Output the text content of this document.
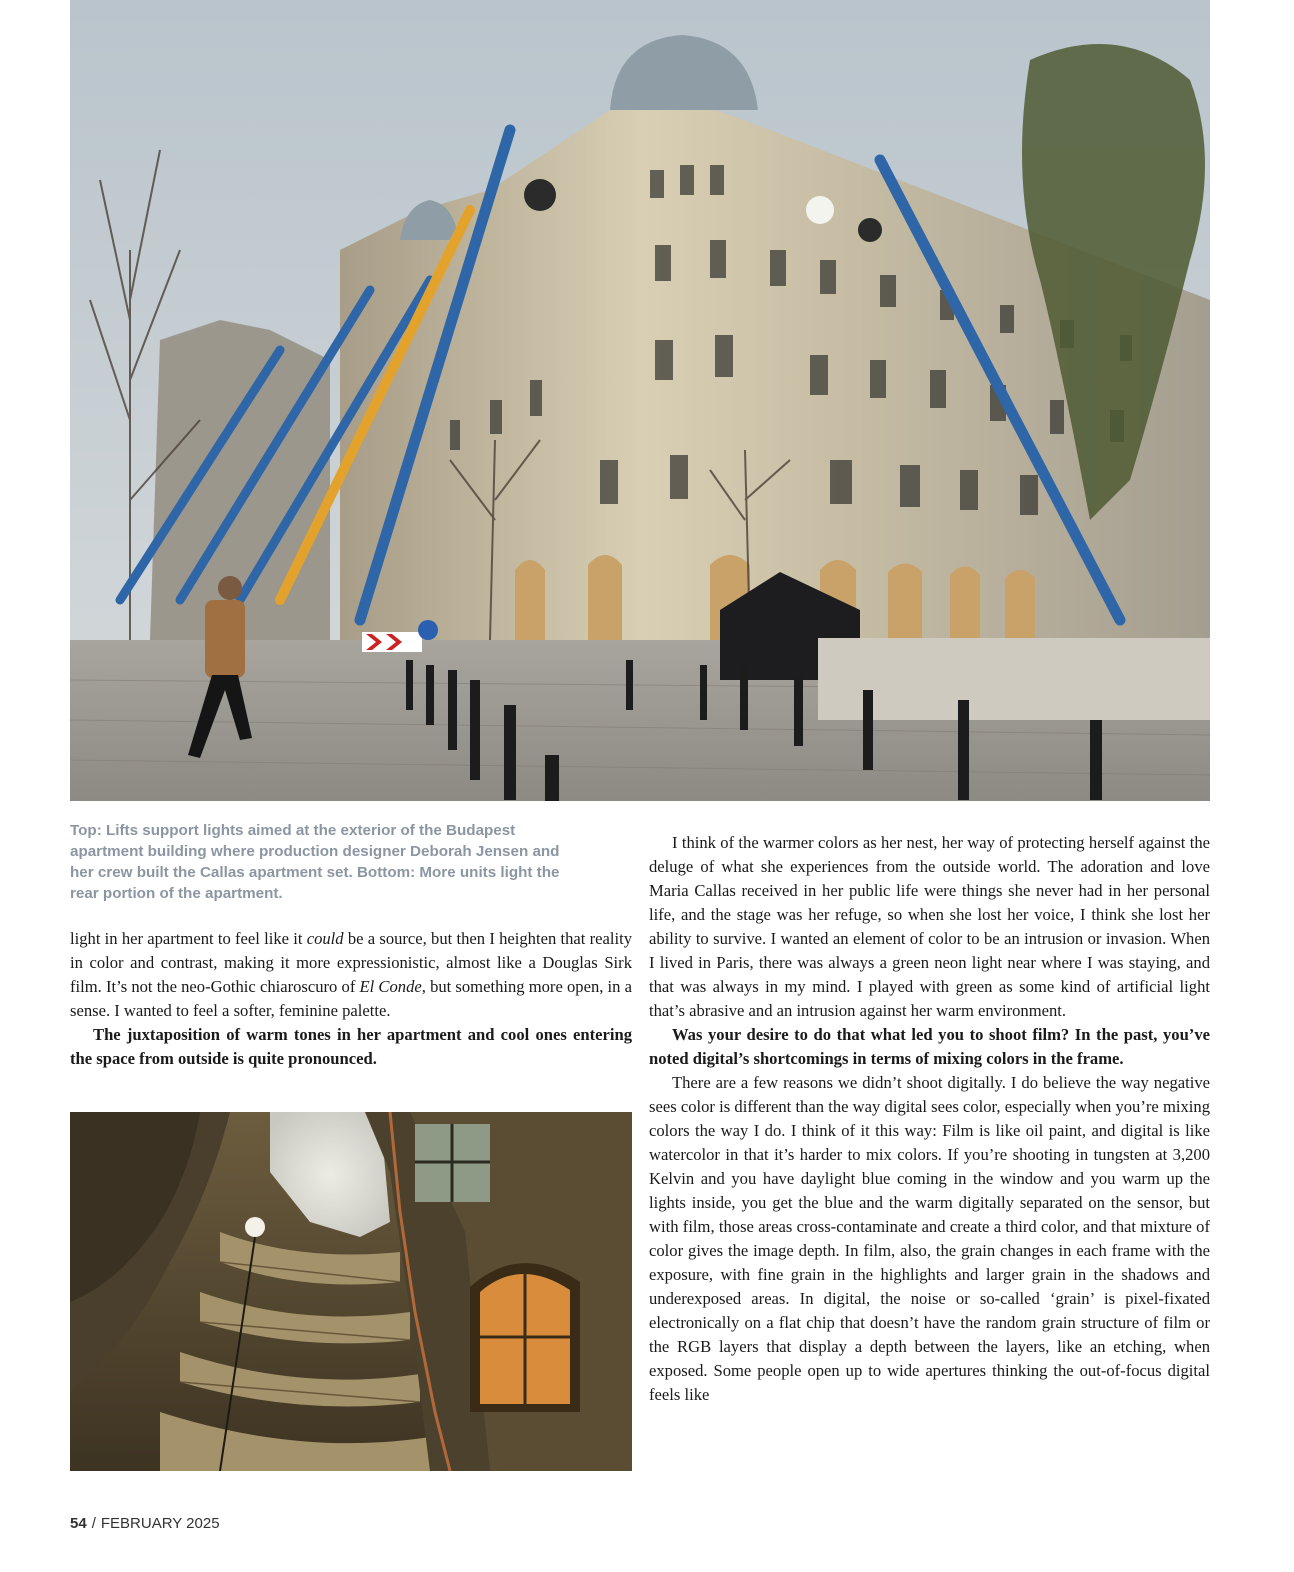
Top: Lifts support lights aimed at the exterior of the Budapest apartment building where production designer Deborah Jensen and her crew built the Callas apartment set. Bottom: More units light the rear portion of the apartment.

light in her apartment to feel like it could be a source, but then I heighten that reality in color and contrast, making it more expressionistic, almost like a Douglas Sirk film. It’s not the neo-Gothic chiaroscuro of El Conde, but something more open, in a sense. I wanted to feel a softer, feminine palette.

The juxtaposition of warm tones in her apartment and cool ones entering the space from outside is quite pronounced.

I think of the warmer colors as her nest, her way of protecting herself against the deluge of what she experiences from the outside world. The adoration and love Maria Callas received in her public life were things she never had in her personal life, and the stage was her refuge, so when she lost her voice, I think she lost her ability to survive. I wanted an element of color to be an intrusion or invasion. When I lived in Paris, there was always a green neon light near where I was staying, and that was always in my mind. I played with green as some kind of artificial light that’s abrasive and an intrusion against her warm environment.

Was your desire to do that what led you to shoot film? In the past, you’ve noted digital’s shortcomings in terms of mixing colors in the frame.

There are a few reasons we didn’t shoot digitally. I do believe the way negative sees color is different than the way digital sees color, especially when you’re mixing colors the way I do. I think of it this way: Film is like oil paint, and digital is like watercolor in that it’s harder to mix colors. If you’re shooting in tungsten at 3,200 Kelvin and you have daylight blue coming in the window and you warm up the lights inside, you get the blue and the warm digitally separated on the sensor, but with film, those areas cross-contaminate and create a third color, and that mixture of color gives the image depth. In film, also, the grain changes in each frame with the exposure, with fine grain in the highlights and larger grain in the shadows and underexposed areas. In digital, the noise or so-called ‘grain’ is pixel-fixated electronically on a flat chip that doesn’t have the random grain structure of film or the RGB layers that display a depth between the layers, like an etching, when exposed. Some people open up to wide apertures thinking the out-of-focus digital feels like

54 / FEBRUARY 2025
